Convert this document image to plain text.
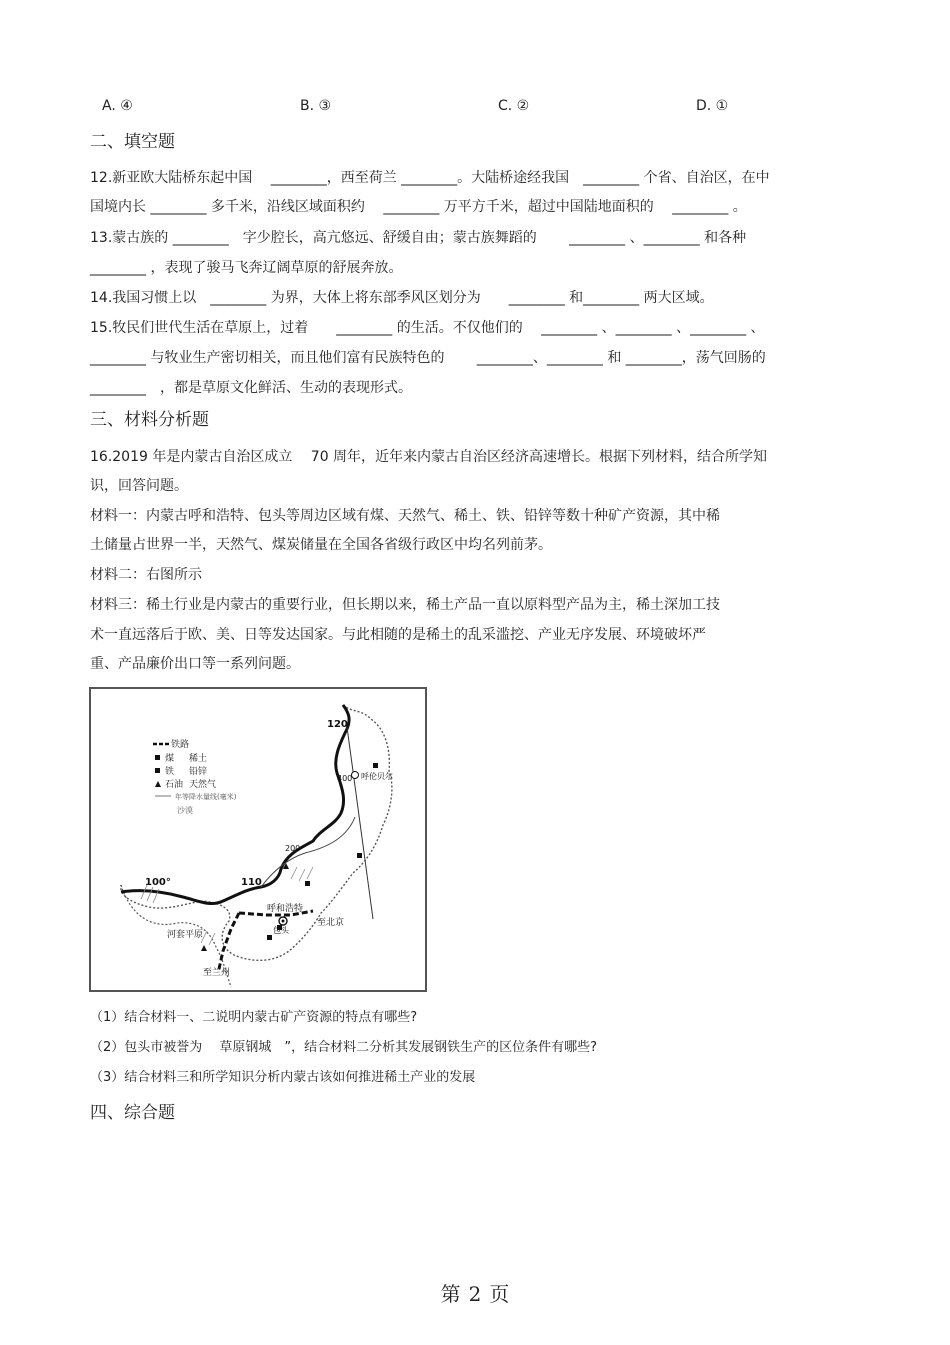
A. ④	B. ③	C. ②	D. ①
二、填空题
12.新亚欧大陆桥东起中国　 ________，西至荷兰 ________。大陆桥途经我国　________ 个省、自治区，在中
国境内长 ________ 多千米，沿线区域面积约　 ________ 万平方千米，超过中国陆地面积的　 ________ 。
13.蒙古族的 ________　字少腔长，高亢悠远、舒缓自由；蒙古族舞蹈的　　 ________ 、________ 和各种
________ ，表现了骏马飞奔辽阔草原的舒展奔放。
14.我国习惯上以　________ 为界，大体上将东部季风区划分为　　________ 和________ 两大区域。
15.牧民们世代生活在草原上，过着　　________ 的生活。不仅他们的　 ________ 、________ 、________ 、
________ 与牧业生产密切相关，而且他们富有民族特色的　　 ________、________ 和 ________，荡气回肠的
________　，都是草原文化鲜活、生动的表现形式。
三、材料分析题
16.2019 年是内蒙古自治区成立　 70 周年，近年来内蒙古自治区经济高速增长。根据下列材料，结合所学知
识，回答问题。
材料一：内蒙古呼和浩特、包头等周边区域有煤、天然气、稀土、铁、铅锌等数十种矿产资源，其中稀
土储量占世界一半，天然气、煤炭储量在全国各省级行政区中均名列前茅。
材料二：右图所示
材料三：稀土行业是内蒙古的重要行业，但长期以来，稀土产品一直以原料型产品为主，稀土深加工技
术一直远落后于欧、美、日等发达国家。与此相随的是稀土的乱采滥挖、产业无序发展、环境破坏严
重、产品廉价出口等一系列问题。
铁路
煤 稀土
铁 铅锌
石油 天然气
年等降水量线(毫米)
沙漠
120
110
100°
400
200
呼伦贝尔
呼和浩特
包头
至北京
河套平原
至兰州
（1）结合材料一、二说明内蒙古矿产资源的特点有哪些?
（2）包头市被誉为　 草原钢城　”，结合材料二分析其发展钢铁生产的区位条件有哪些?
（3）结合材料三和所学知识分析内蒙古该如何推进稀土产业的发展
四、综合题
第 2 页
